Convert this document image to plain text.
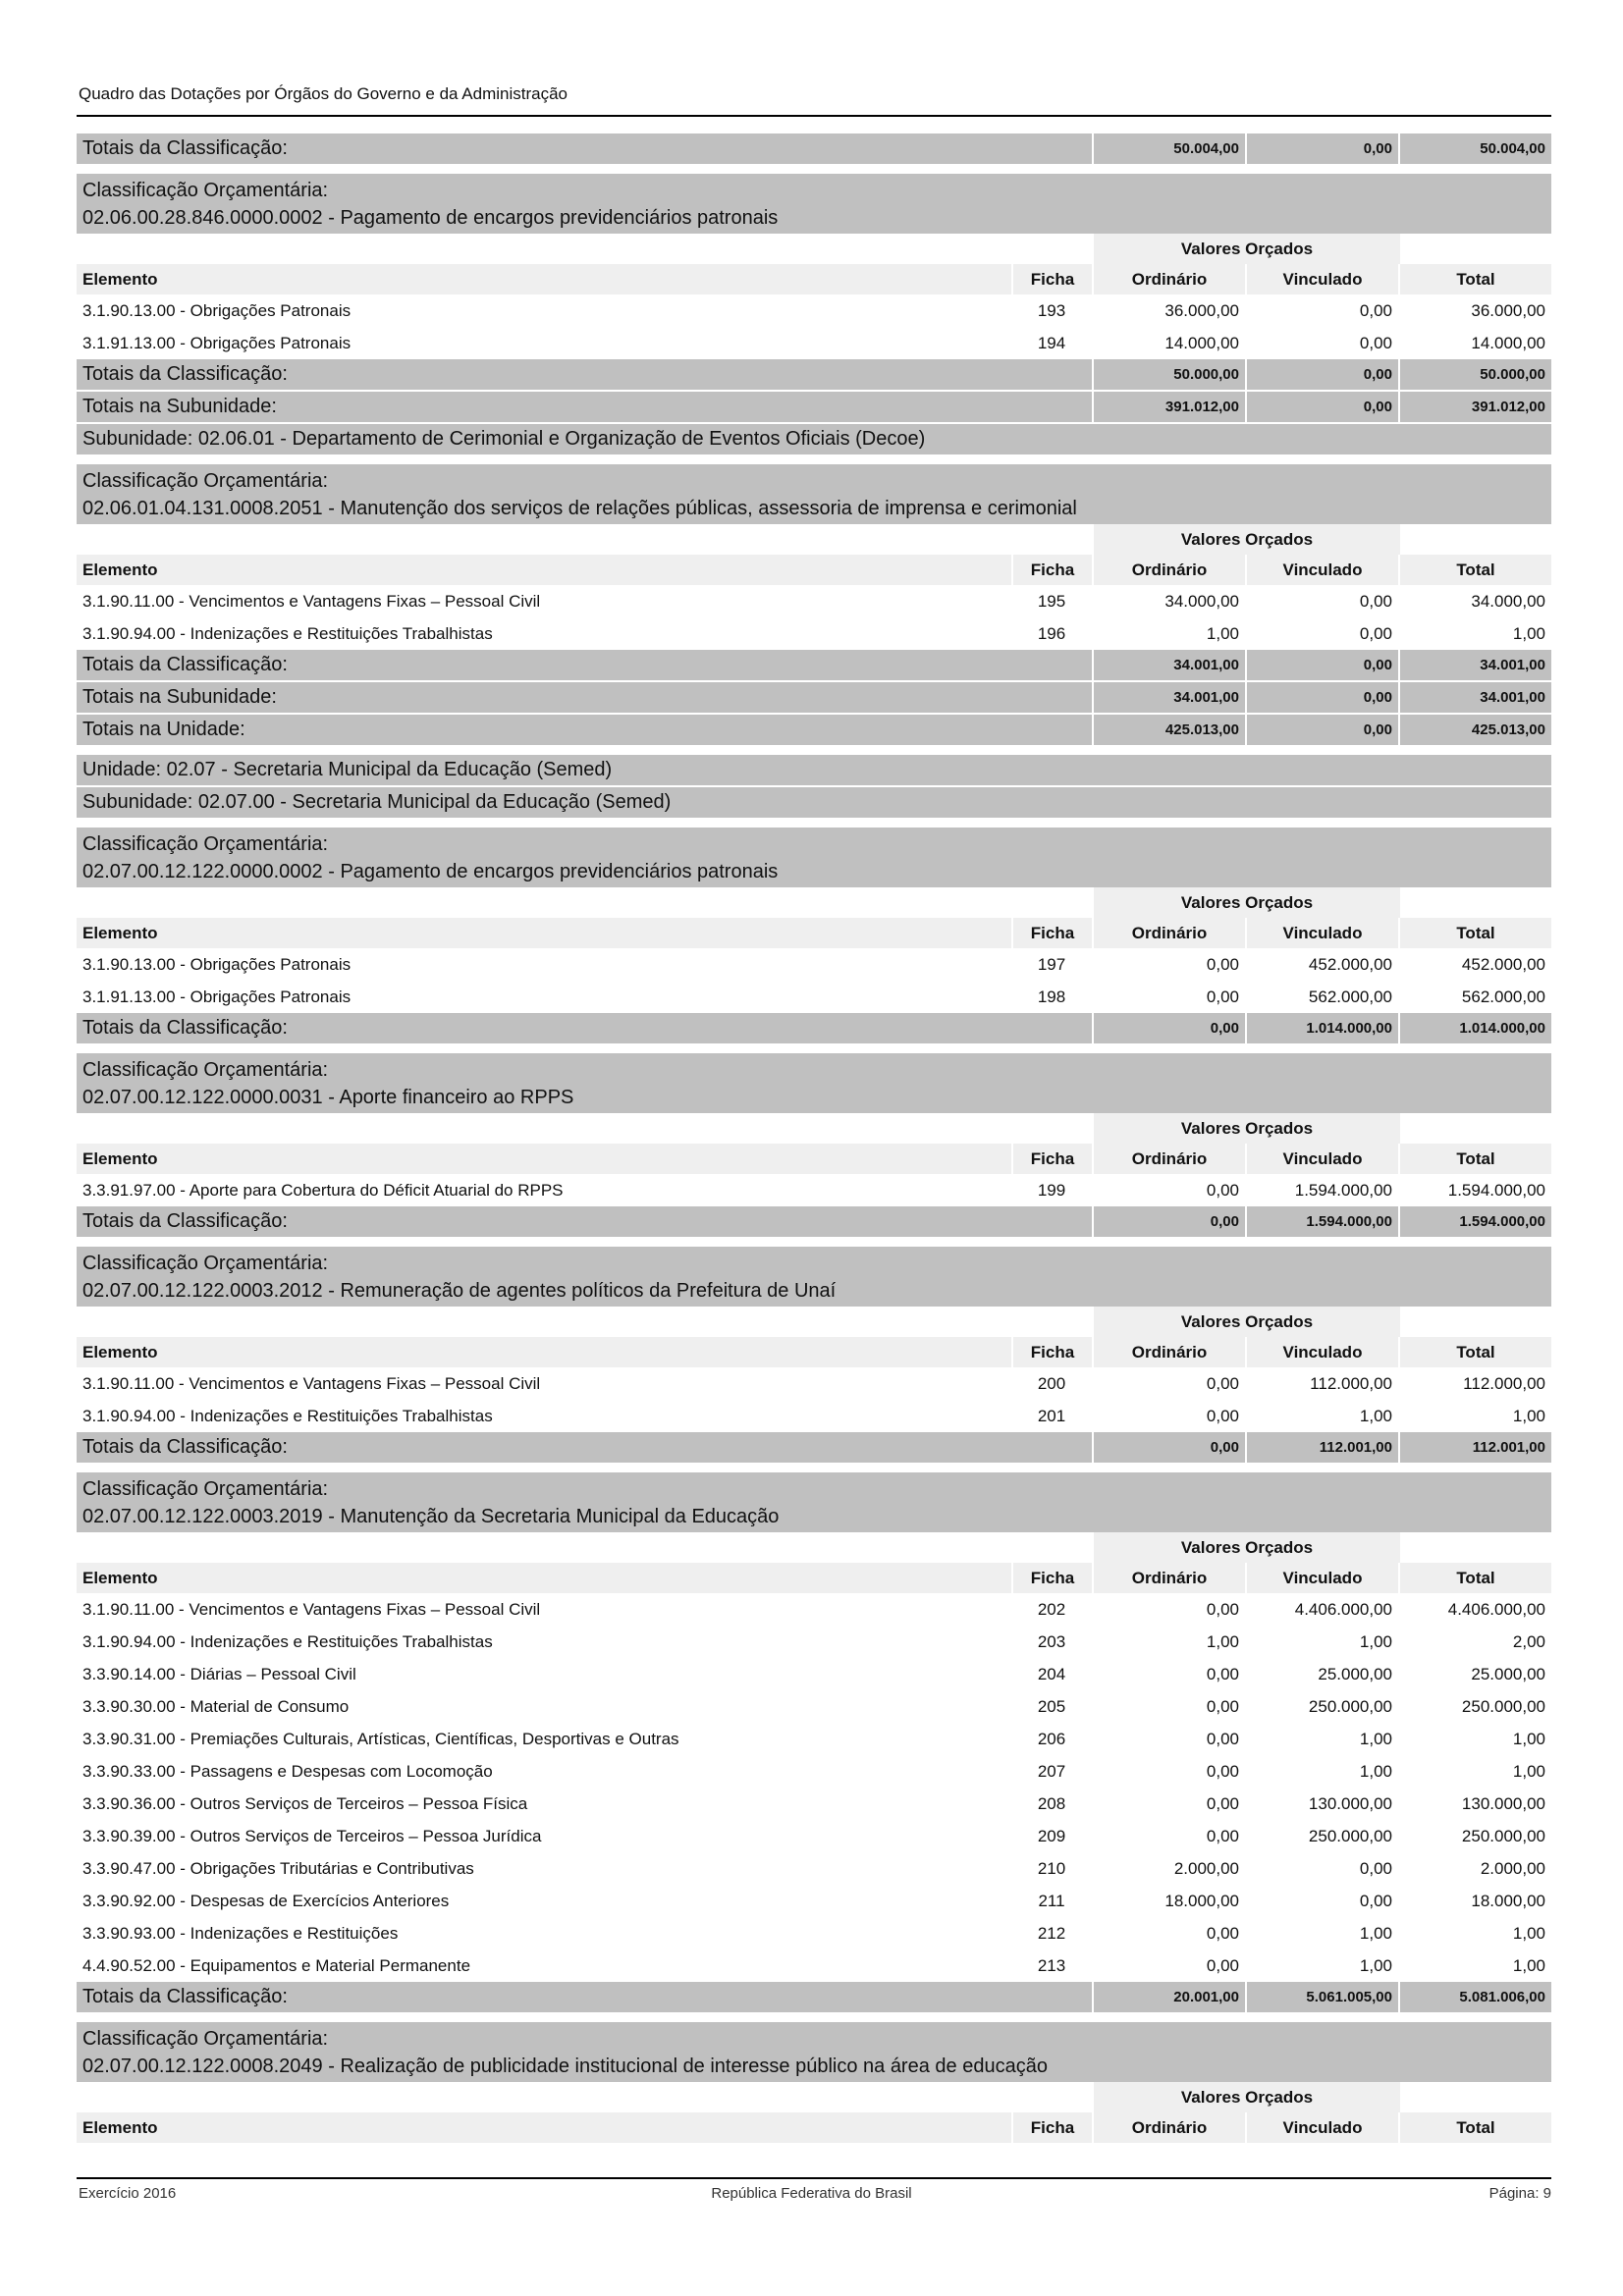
Quadro das Dotações por Órgãos do Governo e da Administração
Totais da Classificação:	50.004,00	0,00	50.004,00
Classificação Orçamentária:
02.06.00.28.846.0000.0002 - Pagamento de encargos previdenciários patronais
Valores Orçados
Elemento	Ficha	Ordinário	Vinculado	Total
3.1.90.13.00 - Obrigações Patronais	193	36.000,00	0,00	36.000,00
3.1.91.13.00 - Obrigações Patronais	194	14.000,00	0,00	14.000,00
Totais da Classificação:	50.000,00	0,00	50.000,00
Totais na Subunidade:	391.012,00	0,00	391.012,00
Subunidade: 02.06.01 - Departamento de Cerimonial e Organização de Eventos Oficiais (Decoe)
Classificação Orçamentária:
02.06.01.04.131.0008.2051 - Manutenção dos serviços de relações públicas, assessoria de imprensa e cerimonial
Valores Orçados
Elemento	Ficha	Ordinário	Vinculado	Total
3.1.90.11.00 - Vencimentos e Vantagens Fixas – Pessoal Civil	195	34.000,00	0,00	34.000,00
3.1.90.94.00 - Indenizações e Restituições Trabalhistas	196	1,00	0,00	1,00
Totais da Classificação:	34.001,00	0,00	34.001,00
Totais na Subunidade:	34.001,00	0,00	34.001,00
Totais na Unidade:	425.013,00	0,00	425.013,00
Unidade: 02.07 - Secretaria Municipal da Educação (Semed)
Subunidade: 02.07.00 - Secretaria Municipal da Educação (Semed)
Classificação Orçamentária:
02.07.00.12.122.0000.0002 - Pagamento de encargos previdenciários patronais
Valores Orçados
Elemento	Ficha	Ordinário	Vinculado	Total
3.1.90.13.00 - Obrigações Patronais	197	0,00	452.000,00	452.000,00
3.1.91.13.00 - Obrigações Patronais	198	0,00	562.000,00	562.000,00
Totais da Classificação:	0,00	1.014.000,00	1.014.000,00
Classificação Orçamentária:
02.07.00.12.122.0000.0031 - Aporte financeiro ao RPPS
Valores Orçados
Elemento	Ficha	Ordinário	Vinculado	Total
3.3.91.97.00 - Aporte para Cobertura do Déficit Atuarial do RPPS	199	0,00	1.594.000,00	1.594.000,00
Totais da Classificação:	0,00	1.594.000,00	1.594.000,00
Classificação Orçamentária:
02.07.00.12.122.0003.2012 - Remuneração de agentes políticos da Prefeitura de Unaí
Valores Orçados
Elemento	Ficha	Ordinário	Vinculado	Total
3.1.90.11.00 - Vencimentos e Vantagens Fixas – Pessoal Civil	200	0,00	112.000,00	112.000,00
3.1.90.94.00 - Indenizações e Restituições Trabalhistas	201	0,00	1,00	1,00
Totais da Classificação:	0,00	112.001,00	112.001,00
Classificação Orçamentária:
02.07.00.12.122.0003.2019 - Manutenção da Secretaria Municipal da Educação
Valores Orçados
Elemento	Ficha	Ordinário	Vinculado	Total
3.1.90.11.00 - Vencimentos e Vantagens Fixas – Pessoal Civil	202	0,00	4.406.000,00	4.406.000,00
3.1.90.94.00 - Indenizações e Restituições Trabalhistas	203	1,00	1,00	2,00
3.3.90.14.00 - Diárias – Pessoal Civil	204	0,00	25.000,00	25.000,00
3.3.90.30.00 - Material de Consumo	205	0,00	250.000,00	250.000,00
3.3.90.31.00 - Premiações Culturais, Artísticas, Científicas, Desportivas e Outras	206	0,00	1,00	1,00
3.3.90.33.00 - Passagens e Despesas com Locomoção	207	0,00	1,00	1,00
3.3.90.36.00 - Outros Serviços de Terceiros – Pessoa Física	208	0,00	130.000,00	130.000,00
3.3.90.39.00 - Outros Serviços de Terceiros – Pessoa Jurídica	209	0,00	250.000,00	250.000,00
3.3.90.47.00 - Obrigações Tributárias e Contributivas	210	2.000,00	0,00	2.000,00
3.3.90.92.00 - Despesas de Exercícios Anteriores	211	18.000,00	0,00	18.000,00
3.3.90.93.00 - Indenizações e Restituições	212	0,00	1,00	1,00
4.4.90.52.00 - Equipamentos e Material Permanente	213	0,00	1,00	1,00
Totais da Classificação:	20.001,00	5.061.005,00	5.081.006,00
Classificação Orçamentária:
02.07.00.12.122.0008.2049 - Realização de publicidade institucional de interesse público na área de educação
Valores Orçados
Elemento	Ficha	Ordinário	Vinculado	Total
Exercício 2016	República Federativa do Brasil	Página: 9
